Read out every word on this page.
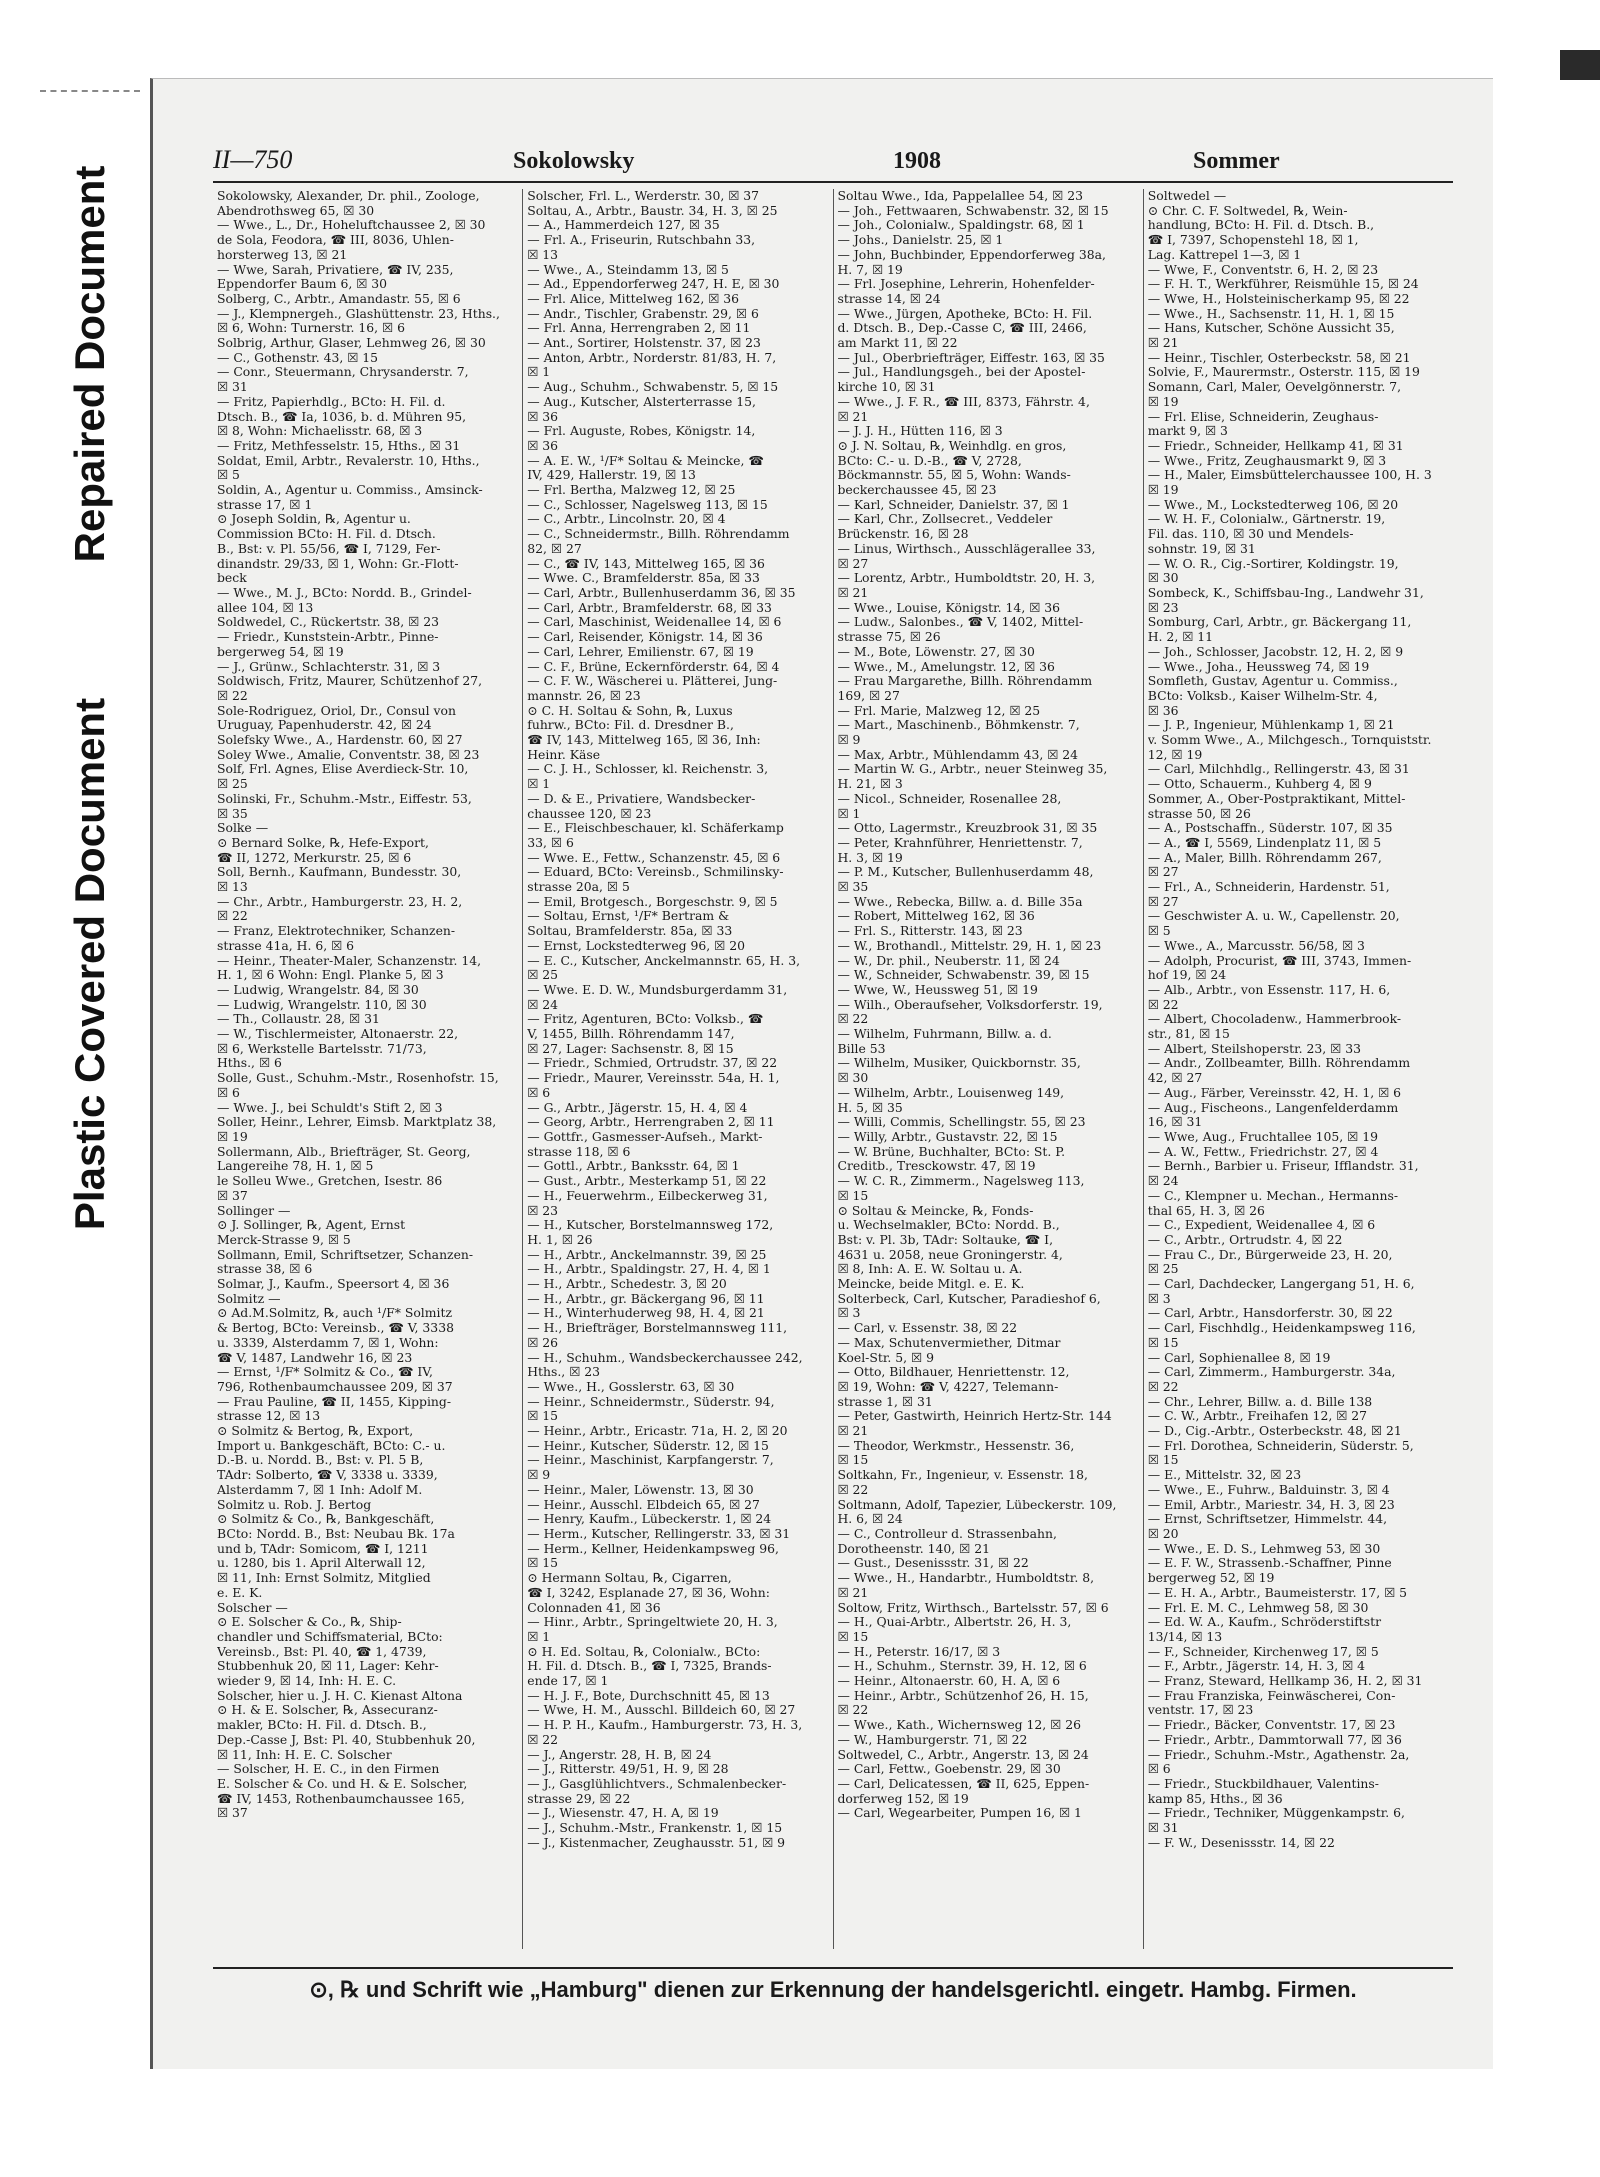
Repaired Document
Plastic Covered Document
II—750	Sokolowsky	1908	Sommer
Sokolowsky, Alexander, Dr. phil., Zoologe,
Abendrothsweg 65, ☒ 30
— Wwe., L., Dr., Hoheluftchaussee 2, ☒ 30
de Sola, Feodora, ☎ III, 8036, Uhlen-
horsterweg 13, ☒ 21
— Wwe, Sarah, Privatiere, ☎ IV, 235,
Eppendorfer Baum 6, ☒ 30
Solberg, C., Arbtr., Amandastr. 55, ☒ 6
— J., Klempnergeh., Glashüttenstr. 23, Hths.,
☒ 6, Wohn: Turnerstr. 16, ☒ 6
Solbrig, Arthur, Glaser, Lehmweg 26, ☒ 30
— C., Gothenstr. 43, ☒ 15
— Conr., Steuermann, Chrysanderstr. 7,
☒ 31
— Fritz, Papierhdlg., BCto: H. Fil. d.
Dtsch. B., ☎ Ia, 1036, b. d. Mühren 95,
☒ 8, Wohn: Michaelisstr. 68, ☒ 3
— Fritz, Methfesselstr. 15, Hths., ☒ 31
Soldat, Emil, Arbtr., Revalerstr. 10, Hths.,
☒ 5
Soldin, A., Agentur u. Commiss., Amsinck-
strasse 17, ☒ 1
⊙ Joseph Soldin, ℞, Agentur u.
Commission BCto: H. Fil. d. Dtsch.
B., Bst: v. Pl. 55/56, ☎ I, 7129, Fer-
dinandstr. 29/33, ☒ 1, Wohn: Gr.-Flott-
beck
— Wwe., M. J., BCto: Nordd. B., Grindel-
allee 104, ☒ 13
Soldwedel, C., Rückertstr. 38, ☒ 23
— Friedr., Kunststein-Arbtr., Pinne-
bergerweg 54, ☒ 19
— J., Grünw., Schlachterstr. 31, ☒ 3
Soldwisch, Fritz, Maurer, Schützenhof 27,
☒ 22
Sole-Rodriguez, Oriol, Dr., Consul von
Uruguay, Papenhuderstr. 42, ☒ 24
Solefsky Wwe., A., Hardenstr. 60, ☒ 27
Soley Wwe., Amalie, Conventstr. 38, ☒ 23
Solf, Frl. Agnes, Elise Averdieck-Str. 10,
☒ 25
Solinski, Fr., Schuhm.-Mstr., Eiffestr. 53,
☒ 35
Solke —
⊙ Bernard Solke, ℞, Hefe-Export,
☎ II, 1272, Merkurstr. 25, ☒ 6
Soll, Bernh., Kaufmann, Bundesstr. 30,
☒ 13
— Chr., Arbtr., Hamburgerstr. 23, H. 2,
☒ 22
— Franz, Elektrotechniker, Schanzen-
strasse 41a, H. 6, ☒ 6
— Heinr., Theater-Maler, Schanzenstr. 14,
H. 1, ☒ 6 Wohn: Engl. Planke 5, ☒ 3
— Ludwig, Wrangelstr. 84, ☒ 30
— Ludwig, Wrangelstr. 110, ☒ 30
— Th., Collaustr. 28, ☒ 31
— W., Tischlermeister, Altonaerstr. 22,
☒ 6, Werkstelle Bartelsstr. 71/73,
Hths., ☒ 6
Solle, Gust., Schuhm.-Mstr., Rosenhofstr. 15,
☒ 6
— Wwe. J., bei Schuldt's Stift 2, ☒ 3
Soller, Heinr., Lehrer, Eimsb. Marktplatz 38,
☒ 19
Sollermann, Alb., Briefträger, St. Georg,
Langereihe 78, H. 1, ☒ 5
le Solleu Wwe., Gretchen, Isestr. 86
☒ 37
Sollinger —
⊙ J. Sollinger, ℞, Agent, Ernst
Merck-Strasse 9, ☒ 5
Sollmann, Emil, Schriftsetzer, Schanzen-
strasse 38, ☒ 6
Solmar, J., Kaufm., Speersort 4, ☒ 36
Solmitz —
⊙ Ad.M.Solmitz, ℞, auch ¹/F* Solmitz
& Bertog, BCto: Vereinsb., ☎ V, 3338
u. 3339, Alsterdamm 7, ☒ 1, Wohn:
☎ V, 1487, Landwehr 16, ☒ 23
— Ernst, ¹/F* Solmitz & Co., ☎ IV,
796, Rothenbaumchaussee 209, ☒ 37
— Frau Pauline, ☎ II, 1455, Kipping-
strasse 12, ☒ 13
⊙ Solmitz & Bertog, ℞, Export,
Import u. Bankgeschäft, BCto: C.- u.
D.-B. u. Nordd. B., Bst: v. Pl. 5 B,
TAdr: Solberto, ☎ V, 3338 u. 3339,
Alsterdamm 7, ☒ 1 Inh: Adolf M.
Solmitz u. Rob. J. Bertog
⊙ Solmitz & Co., ℞, Bankgeschäft,
BCto: Nordd. B., Bst: Neubau Bk. 17a
und b, TAdr: Somicom, ☎ I, 1211
u. 1280, bis 1. April Alterwall 12,
☒ 11, Inh: Ernst Solmitz, Mitglied
e. E. K.
Solscher —
⊙ E. Solscher & Co., ℞, Ship-
chandler und Schiffsmaterial, BCto:
Vereinsb., Bst: Pl. 40, ☎ 1, 4739,
Stubbenhuk 20, ☒ 11, Lager: Kehr-
wieder 9, ☒ 14, Inh: H. E. C.
Solscher, hier u. J. H. C. Kienast Altona
⊙ H. & E. Solscher, ℞, Assecuranz-
makler, BCto: H. Fil. d. Dtsch. B.,
Dep.-Casse J, Bst: Pl. 40, Stubbenhuk 20,
☒ 11, Inh: H. E. C. Solscher
— Solscher, H. E. C., in den Firmen
E. Solscher & Co. und H. & E. Solscher,
☎ IV, 1453, Rothenbaumchaussee 165,
☒ 37
Solscher, Frl. L., Werderstr. 30, ☒ 37
Soltau, A., Arbtr., Baustr. 34, H. 3, ☒ 25
— A., Hammerdeich 127, ☒ 35
— Frl. A., Friseurin, Rutschbahn 33,
☒ 13
— Wwe., A., Steindamm 13, ☒ 5
— Ad., Eppendorferweg 247, H. E, ☒ 30
— Frl. Alice, Mittelweg 162, ☒ 36
— Andr., Tischler, Grabenstr. 29, ☒ 6
— Frl. Anna, Herrengraben 2, ☒ 11
— Ant., Sortirer, Holstenstr. 37, ☒ 23
— Anton, Arbtr., Norderstr. 81/83, H. 7,
☒ 1
— Aug., Schuhm., Schwabenstr. 5, ☒ 15
— Aug., Kutscher, Alsterterrasse 15,
☒ 36
— Frl. Auguste, Robes, Königstr. 14,
☒ 36
— A. E. W., ¹/F* Soltau & Meincke, ☎
IV, 429, Hallerstr. 19, ☒ 13
— Frl. Bertha, Malzweg 12, ☒ 25
— C., Schlosser, Nagelsweg 113, ☒ 15
— C., Arbtr., Lincolnstr. 20, ☒ 4
— C., Schneidermstr., Billh. Röhrendamm
82, ☒ 27
— C., ☎ IV, 143, Mittelweg 165, ☒ 36
— Wwe. C., Bramfelderstr. 85a, ☒ 33
— Carl, Arbtr., Bullenhuserdamm 36, ☒ 35
— Carl, Arbtr., Bramfelderstr. 68, ☒ 33
— Carl, Maschinist, Weidenallee 14, ☒ 6
— Carl, Reisender, Königstr. 14, ☒ 36
— Carl, Lehrer, Emilienstr. 67, ☒ 19
— C. F., Brüne, Eckernförderstr. 64, ☒ 4
— C. F. W., Wäscherei u. Plätterei, Jung-
mannstr. 26, ☒ 23
⊙ C. H. Soltau & Sohn, ℞, Luxus
fuhrw., BCto: Fil. d. Dresdner B.,
☎ IV, 143, Mittelweg 165, ☒ 36, Inh:
Heinr. Käse
— C. J. H., Schlosser, kl. Reichenstr. 3,
☒ 1
— D. & E., Privatiere, Wandsbecker-
chaussee 120, ☒ 23
— E., Fleischbeschauer, kl. Schäferkamp
33, ☒ 6
— Wwe. E., Fettw., Schanzenstr. 45, ☒ 6
— Eduard, BCto: Vereinsb., Schmilinsky-
strasse 20a, ☒ 5
— Emil, Brotgesch., Borgeschstr. 9, ☒ 5
— Soltau, Ernst, ¹/F* Bertram &
Soltau, Bramfelderstr. 85a, ☒ 33
— Ernst, Lockstedterweg 96, ☒ 20
— E. C., Kutscher, Anckelmannstr. 65, H. 3,
☒ 25
— Wwe. E. D. W., Mundsburgerdamm 31,
☒ 24
— Fritz, Agenturen, BCto: Volksb., ☎
V, 1455, Billh. Röhrendamm 147,
☒ 27, Lager: Sachsenstr. 8, ☒ 15
— Friedr., Schmied, Ortrudstr. 37, ☒ 22
— Friedr., Maurer, Vereinsstr. 54a, H. 1,
☒ 6
— G., Arbtr., Jägerstr. 15, H. 4, ☒ 4
— Georg, Arbtr., Herrengraben 2, ☒ 11
— Gottfr., Gasmesser-Aufseh., Markt-
strasse 118, ☒ 6
— Gottl., Arbtr., Banksstr. 64, ☒ 1
— Gust., Arbtr., Mesterkamp 51, ☒ 22
— H., Feuerwehrm., Eilbeckerweg 31,
☒ 23
— H., Kutscher, Borstelmannsweg 172,
H. 1, ☒ 26
— H., Arbtr., Anckelmannstr. 39, ☒ 25
— H., Arbtr., Spaldingstr. 27, H. 4, ☒ 1
— H., Arbtr., Schedestr. 3, ☒ 20
— H., Arbtr., gr. Bäckergang 96, ☒ 11
— H., Winterhuderweg 98, H. 4, ☒ 21
— H., Briefträger, Borstelmannsweg 111,
☒ 26
— H., Schuhm., Wandsbeckerchaussee 242,
Hths., ☒ 23
— Wwe., H., Gosslerstr. 63, ☒ 30
— Heinr., Schneidermstr., Süderstr. 94,
☒ 15
— Heinr., Arbtr., Ericastr. 71a, H. 2, ☒ 20
— Heinr., Kutscher, Süderstr. 12, ☒ 15
— Heinr., Maschinist, Karpfangerstr. 7,
☒ 9
— Heinr., Maler, Löwenstr. 13, ☒ 30
— Heinr., Ausschl. Elbdeich 65, ☒ 27
— Henry, Kaufm., Lübeckerstr. 1, ☒ 24
— Herm., Kutscher, Rellingerstr. 33, ☒ 31
— Herm., Kellner, Heidenkampsweg 96,
☒ 15
⊙ Hermann Soltau, ℞, Cigarren,
☎ I, 3242, Esplanade 27, ☒ 36, Wohn:
Colonnaden 41, ☒ 36
— Hinr., Arbtr., Springeltwiete 20, H. 3,
☒ 1
⊙ H. Ed. Soltau, ℞, Colonialw., BCto:
H. Fil. d. Dtsch. B., ☎ I, 7325, Brands-
ende 17, ☒ 1
— H. J. F., Bote, Durchschnitt 45, ☒ 13
— Wwe, H. M., Ausschl. Billdeich 60, ☒ 27
— H. P. H., Kaufm., Hamburgerstr. 73, H. 3,
☒ 22
— J., Angerstr. 28, H. B, ☒ 24
— J., Ritterstr. 49/51, H. 9, ☒ 28
— J., Gasglühlichtvers., Schmalenbecker-
strasse 29, ☒ 22
— J., Wiesenstr. 47, H. A, ☒ 19
— J., Schuhm.-Mstr., Frankenstr. 1, ☒ 15
— J., Kistenmacher, Zeughausstr. 51, ☒ 9
Soltau Wwe., Ida, Pappelallee 54, ☒ 23
— Joh., Fettwaaren, Schwabenstr. 32, ☒ 15
— Joh., Colonialw., Spaldingstr. 68, ☒ 1
— Johs., Danielstr. 25, ☒ 1
— John, Buchbinder, Eppendorferweg 38a,
H. 7, ☒ 19
— Frl. Josephine, Lehrerin, Hohenfelder-
strasse 14, ☒ 24
— Wwe., Jürgen, Apotheke, BCto: H. Fil.
d. Dtsch. B., Dep.-Casse C, ☎ III, 2466,
am Markt 11, ☒ 22
— Jul., Oberbriefträger, Eiffestr. 163, ☒ 35
— Jul., Handlungsgeh., bei der Apostel-
kirche 10, ☒ 31
— Wwe., J. F. R., ☎ III, 8373, Fährstr. 4,
☒ 21
— J. J. H., Hütten 116, ☒ 3
⊙ J. N. Soltau, ℞, Weinhdlg. en gros,
BCto: C.- u. D.-B., ☎ V, 2728,
Böckmannstr. 55, ☒ 5, Wohn: Wands-
beckerchaussee 45, ☒ 23
— Karl, Schneider, Danielstr. 37, ☒ 1
— Karl, Chr., Zollsecret., Veddeler
Brückenstr. 16, ☒ 28
— Linus, Wirthsch., Ausschlägerallee 33,
☒ 27
— Lorentz, Arbtr., Humboldtstr. 20, H. 3,
☒ 21
— Wwe., Louise, Königstr. 14, ☒ 36
— Ludw., Salonbes., ☎ V, 1402, Mittel-
strasse 75, ☒ 26
— M., Bote, Löwenstr. 27, ☒ 30
— Wwe., M., Amelungstr. 12, ☒ 36
— Frau Margarethe, Billh. Röhrendamm
169, ☒ 27
— Frl. Marie, Malzweg 12, ☒ 25
— Mart., Maschinenb., Böhmkenstr. 7,
☒ 9
— Max, Arbtr., Mühlendamm 43, ☒ 24
— Martin W. G., Arbtr., neuer Steinweg 35,
H. 21, ☒ 3
— Nicol., Schneider, Rosenallee 28,
☒ 1
— Otto, Lagermstr., Kreuzbrook 31, ☒ 35
— Peter, Krahnführer, Henriettenstr. 7,
H. 3, ☒ 19
— P. M., Kutscher, Bullenhuserdamm 48,
☒ 35
— Wwe., Rebecka, Billw. a. d. Bille 35a
— Robert, Mittelweg 162, ☒ 36
— Frl. S., Ritterstr. 143, ☒ 23
— W., Brothandl., Mittelstr. 29, H. 1, ☒ 23
— W., Dr. phil., Neuberstr. 11, ☒ 24
— W., Schneider, Schwabenstr. 39, ☒ 15
— Wwe, W., Heussweg 51, ☒ 19
— Wilh., Oberaufseher, Volksdorferstr. 19,
☒ 22
— Wilhelm, Fuhrmann, Billw. a. d.
Bille 53
— Wilhelm, Musiker, Quickbornstr. 35,
☒ 30
— Wilhelm, Arbtr., Louisenweg 149,
H. 5, ☒ 35
— Willi, Commis, Schellingstr. 55, ☒ 23
— Willy, Arbtr., Gustavstr. 22, ☒ 15
— W. Brüne, Buchhalter, BCto: St. P.
Creditb., Tresckowstr. 47, ☒ 19
— W. C. R., Zimmerm., Nagelsweg 113,
☒ 15
⊙ Soltau & Meincke, ℞, Fonds-
u. Wechselmakler, BCto: Nordd. B.,
Bst: v. Pl. 3b, TAdr: Soltauke, ☎ I,
4631 u. 2058, neue Groningerstr. 4,
☒ 8, Inh: A. E. W. Soltau u. A.
Meincke, beide Mitgl. e. E. K.
Solterbeck, Carl, Kutscher, Paradieshof 6,
☒ 3
— Carl, v. Essenstr. 38, ☒ 22
— Max, Schutenvermiether, Ditmar
Koel-Str. 5, ☒ 9
— Otto, Bildhauer, Henriettenstr. 12,
☒ 19, Wohn: ☎ V, 4227, Telemann-
strasse 1, ☒ 31
— Peter, Gastwirth, Heinrich Hertz-Str. 144
☒ 21
— Theodor, Werkmstr., Hessenstr. 36,
☒ 15
Soltkahn, Fr., Ingenieur, v. Essenstr. 18,
☒ 22
Soltmann, Adolf, Tapezier, Lübeckerstr. 109,
H. 6, ☒ 24
— C., Controlleur d. Strassenbahn,
Dorotheenstr. 140, ☒ 21
— Gust., Desenissstr. 31, ☒ 22
— Wwe., H., Handarbtr., Humboldtstr. 8,
☒ 21
Soltow, Fritz, Wirthsch., Bartelsstr. 57, ☒ 6
— H., Quai-Arbtr., Albertstr. 26, H. 3,
☒ 15
— H., Peterstr. 16/17, ☒ 3
— H., Schuhm., Sternstr. 39, H. 12, ☒ 6
— Heinr., Altonaerstr. 60, H. A, ☒ 6
— Heinr., Arbtr., Schützenhof 26, H. 15,
☒ 22
— Wwe., Kath., Wichernsweg 12, ☒ 26
— W., Hamburgerstr. 71, ☒ 22
Soltwedel, C., Arbtr., Angerstr. 13, ☒ 24
— Carl, Fettw., Goebenstr. 29, ☒ 30
— Carl, Delicatessen, ☎ II, 625, Eppen-
dorferweg 152, ☒ 19
— Carl, Wegearbeiter, Pumpen 16, ☒ 1
Soltwedel —
⊙ Chr. C. F. Soltwedel, ℞, Wein-
handlung, BCto: H. Fil. d. Dtsch. B.,
☎ I, 7397, Schopenstehl 18, ☒ 1,
Lag. Kattrepel 1—3, ☒ 1
— Wwe, F., Conventstr. 6, H. 2, ☒ 23
— F. H. T., Werkführer, Reismühle 15, ☒ 24
— Wwe, H., Holsteinischerkamp 95, ☒ 22
— Wwe., H., Sachsenstr. 11, H. 1, ☒ 15
— Hans, Kutscher, Schöne Aussicht 35,
☒ 21
— Heinr., Tischler, Osterbeckstr. 58, ☒ 21
Solvie, F., Maurermstr., Osterstr. 115, ☒ 19
Somann, Carl, Maler, Oevelgönnerstr. 7,
☒ 19
— Frl. Elise, Schneiderin, Zeughaus-
markt 9, ☒ 3
— Friedr., Schneider, Hellkamp 41, ☒ 31
— Wwe., Fritz, Zeughausmarkt 9, ☒ 3
— H., Maler, Eimsbüttelerchaussee 100, H. 3
☒ 19
— Wwe., M., Lockstedterweg 106, ☒ 20
— W. H. F., Colonialw., Gärtnerstr. 19,
Fil. das. 110, ☒ 30 und Mendels-
sohnstr. 19, ☒ 31
— W. O. R., Cig.-Sortirer, Koldingstr. 19,
☒ 30
Sombeck, K., Schiffsbau-Ing., Landwehr 31,
☒ 23
Somburg, Carl, Arbtr., gr. Bäckergang 11,
H. 2, ☒ 11
— Joh., Schlosser, Jacobstr. 12, H. 2, ☒ 9
— Wwe., Joha., Heussweg 74, ☒ 19
Somfleth, Gustav, Agentur u. Commiss.,
BCto: Volksb., Kaiser Wilhelm-Str. 4,
☒ 36
— J. P., Ingenieur, Mühlenkamp 1, ☒ 21
v. Somm Wwe., A., Milchgesch., Tornquiststr.
12, ☒ 19
— Carl, Milchhdlg., Rellingerstr. 43, ☒ 31
— Otto, Schauerm., Kuhberg 4, ☒ 9
Sommer, A., Ober-Postpraktikant, Mittel-
strasse 50, ☒ 26
— A., Postschaffn., Süderstr. 107, ☒ 35
— A., ☎ I, 5569, Lindenplatz 11, ☒ 5
— A., Maler, Billh. Röhrendamm 267,
☒ 27
— Frl., A., Schneiderin, Hardenstr. 51,
☒ 27
— Geschwister A. u. W., Capellenstr. 20,
☒ 5
— Wwe., A., Marcusstr. 56/58, ☒ 3
— Adolph, Procurist, ☎ III, 3743, Immen-
hof 19, ☒ 24
— Alb., Arbtr., von Essenstr. 117, H. 6,
☒ 22
— Albert, Chocoladenw., Hammerbrook-
str., 81, ☒ 15
— Albert, Steilshoperstr. 23, ☒ 33
— Andr., Zollbeamter, Billh. Röhrendamm
42, ☒ 27
— Aug., Färber, Vereinsstr. 42, H. 1, ☒ 6
— Aug., Fischeons., Langenfelderdamm
16, ☒ 31
— Wwe, Aug., Fruchtallee 105, ☒ 19
— A. W., Fettw., Friedrichstr. 27, ☒ 4
— Bernh., Barbier u. Friseur, Ifflandstr. 31,
☒ 24
— C., Klempner u. Mechan., Hermanns-
thal 65, H. 3, ☒ 26
— C., Expedient, Weidenallee 4, ☒ 6
— C., Arbtr., Ortrudstr. 4, ☒ 22
— Frau C., Dr., Bürgerweide 23, H. 20,
☒ 25
— Carl, Dachdecker, Langergang 51, H. 6,
☒ 3
— Carl, Arbtr., Hansdorferstr. 30, ☒ 22
— Carl, Fischhdlg., Heidenkampsweg 116,
☒ 15
— Carl, Sophienallee 8, ☒ 19
— Carl, Zimmerm., Hamburgerstr. 34a,
☒ 22
— Chr., Lehrer, Billw. a. d. Bille 138
— C. W., Arbtr., Freihafen 12, ☒ 27
— D., Cig.-Arbtr., Osterbeckstr. 48, ☒ 21
— Frl. Dorothea, Schneiderin, Süderstr. 5,
☒ 15
— E., Mittelstr. 32, ☒ 23
— Wwe., E., Fuhrw., Balduinstr. 3, ☒ 4
— Emil, Arbtr., Mariestr. 34, H. 3, ☒ 23
— Ernst, Schriftsetzer, Himmelstr. 44,
☒ 20
— Wwe., E. D. S., Lehmweg 53, ☒ 30
— E. F. W., Strassenb.-Schaffner, Pinne
bergerweg 52, ☒ 19
— E. H. A., Arbtr., Baumeisterstr. 17, ☒ 5
— Frl. E. M. C., Lehmweg 58, ☒ 30
— Ed. W. A., Kaufm., Schröderstiftstr
13/14, ☒ 13
— F., Schneider, Kirchenweg 17, ☒ 5
— F., Arbtr., Jägerstr. 14, H. 3, ☒ 4
— Franz, Steward, Hellkamp 36, H. 2, ☒ 31
— Frau Franziska, Feinwäscherei, Con-
ventstr. 17, ☒ 23
— Friedr., Bäcker, Conventstr. 17, ☒ 23
— Friedr., Arbtr., Dammtorwall 77, ☒ 36
— Friedr., Schuhm.-Mstr., Agathenstr. 2a,
☒ 6
— Friedr., Stuckbildhauer, Valentins-
kamp 85, Hths., ☒ 36
— Friedr., Techniker, Müggenkampstr. 6,
☒ 31
— F. W., Desenissstr. 14, ☒ 22
⊙, ℞ und Schrift wie „Hamburg" dienen zur Erkennung der handelsgerichtl. eingetr. Hambg. Firmen.
